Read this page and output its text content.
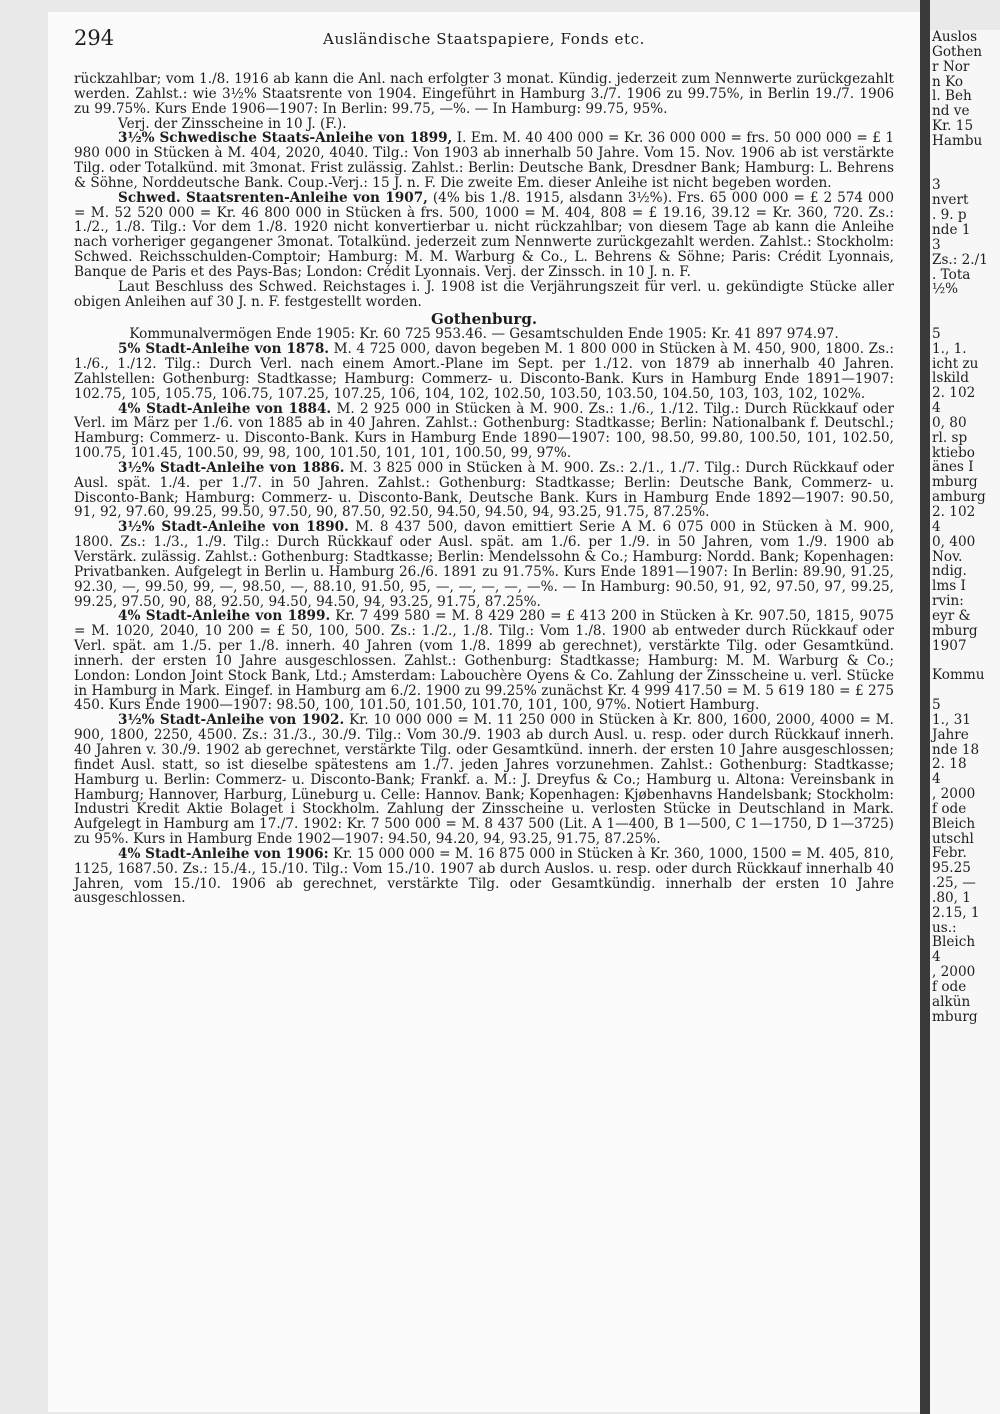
294	Ausländische Staatspapiere, Fonds etc.

rückzahlbar; vom 1./8. 1916 ab kann die Anl. nach erfolgter 3 monat. Kündig. jederzeit zum Nennwerte zurückgezahlt werden. Zahlst.: wie 3½% Staatsrente von 1904. Eingeführt in Hamburg 3./7. 1906 zu 99.75%, in Berlin 19./7. 1906 zu 99.75%. Kurs Ende 1906—1907: In Berlin: 99.75, —%. — In Hamburg: 99.75, 95%.

Verj. der Zinsscheine in 10 J. (F.).

3½% Schwedische Staats-Anleihe von 1899, I. Em. M. 40 400 000 = Kr. 36 000 000 = frs. 50 000 000 = £ 1 980 000 in Stücken à M. 404, 2020, 4040. Tilg.: Von 1903 ab innerhalb 50 Jahre. Vom 15. Nov. 1906 ab ist verstärkte Tilg. oder Totalkünd. mit 3monat. Frist zulässig. Zahlst.: Berlin: Deutsche Bank, Dresdner Bank; Hamburg: L. Behrens & Söhne, Norddeutsche Bank. Coup.-Verj.: 15 J. n. F. Die zweite Em. dieser Anleihe ist nicht begeben worden.

Schwed. Staatsrenten-Anleihe von 1907, (4% bis 1./8. 1915, alsdann 3½%). Frs. 65 000 000 = £ 2 574 000 = M. 52 520 000 = Kr. 46 800 000 in Stücken à frs. 500, 1000 = M. 404, 808 = £ 19.16, 39.12 = Kr. 360, 720. Zs.: 1./2., 1./8. Tilg.: Vor dem 1./8. 1920 nicht konvertierbar u. nicht rückzahlbar; von diesem Tage ab kann die Anleihe nach vorheriger gegangener 3monat. Totalkünd. jederzeit zum Nennwerte zurückgezahlt werden. Zahlst.: Stockholm: Schwed. Reichsschulden-Comptoir; Hamburg: M. M. Warburg & Co., L. Behrens & Söhne; Paris: Crédit Lyonnais, Banque de Paris et des Pays-Bas; London: Crédit Lyonnais. Verj. der Zinssch. in 10 J. n. F.

Laut Beschluss des Schwed. Reichstages i. J. 1908 ist die Verjährungszeit für verl. u. gekündigte Stücke aller obigen Anleihen auf 30 J. n. F. festgestellt worden.

Gothenburg.

Kommunalvermögen Ende 1905: Kr. 60 725 953.46. — Gesamtschulden Ende 1905: Kr. 41 897 974.97.

5% Stadt-Anleihe von 1878. M. 4 725 000, davon begeben M. 1 800 000 in Stücken à M. 450, 900, 1800. Zs.: 1./6., 1./12. Tilg.: Durch Verl. nach einem Amort.-Plane im Sept. per 1./12. von 1879 ab innerhalb 40 Jahren. Zahlstellen: Gothenburg: Stadtkasse; Hamburg: Commerz- u. Disconto-Bank. Kurs in Hamburg Ende 1891—1907: 102.75, 105, 105.75, 106.75, 107.25, 107.25, 106, 104, 102, 102.50, 103.50, 103.50, 104.50, 103, 103, 102, 102%.

4% Stadt-Anleihe von 1884. M. 2 925 000 in Stücken à M. 900. Zs.: 1./6., 1./12. Tilg.: Durch Rückkauf oder Verl. im März per 1./6. von 1885 ab in 40 Jahren. Zahlst.: Gothenburg: Stadtkasse; Berlin: Nationalbank f. Deutschl.; Hamburg: Commerz- u. Disconto-Bank. Kurs in Hamburg Ende 1890—1907: 100, 98.50, 99.80, 100.50, 101, 102.50, 100.75, 101.45, 100.50, 99, 98, 100, 101.50, 101, 101, 100.50, 99, 97%.

3½% Stadt-Anleihe von 1886. M. 3 825 000 in Stücken à M. 900. Zs.: 2./1., 1./7. Tilg.: Durch Rückkauf oder Ausl. spät. 1./4. per 1./7. in 50 Jahren. Zahlst.: Gothenburg: Stadtkasse; Berlin: Deutsche Bank, Commerz- u. Disconto-Bank; Hamburg: Commerz- u. Disconto-Bank, Deutsche Bank. Kurs in Hamburg Ende 1892—1907: 90.50, 91, 92, 97.60, 99.25, 99.50, 97.50, 90, 87.50, 92.50, 94.50, 94.50, 94, 93.25, 91.75, 87.25%.

3½% Stadt-Anleihe von 1890. M. 8 437 500, davon emittiert Serie A M. 6 075 000 in Stücken à M. 900, 1800. Zs.: 1./3., 1./9. Tilg.: Durch Rückkauf oder Ausl. spät. am 1./6. per 1./9. in 50 Jahren, vom 1./9. 1900 ab Verstärk. zulässig. Zahlst.: Gothenburg: Stadtkasse; Berlin: Mendelssohn & Co.; Hamburg: Nordd. Bank; Kopenhagen: Privatbanken. Aufgelegt in Berlin u. Hamburg 26./6. 1891 zu 91.75%. Kurs Ende 1891—1907: In Berlin: 89.90, 91.25, 92.30, —, 99.50, 99, —, 98.50, —, 88.10, 91.50, 95, —, —, —, —, —%. — In Hamburg: 90.50, 91, 92, 97.50, 97, 99.25, 99.25, 97.50, 90, 88, 92.50, 94.50, 94.50, 94, 93.25, 91.75, 87.25%.

4% Stadt-Anleihe von 1899. Kr. 7 499 580 = M. 8 429 280 = £ 413 200 in Stücken à Kr. 907.50, 1815, 9075 = M. 1020, 2040, 10 200 = £ 50, 100, 500. Zs.: 1./2., 1./8. Tilg.: Vom 1./8. 1900 ab entweder durch Rückkauf oder Verl. spät. am 1./5. per 1./8. innerh. 40 Jahren (vom 1./8. 1899 ab gerechnet), verstärkte Tilg. oder Gesamtkünd. innerh. der ersten 10 Jahre ausgeschlossen. Zahlst.: Gothenburg: Stadtkasse; Hamburg: M. M. Warburg & Co.; London: London Joint Stock Bank, Ltd.; Amsterdam: Labouchère Oyens & Co. Zahlung der Zinsscheine u. verl. Stücke in Hamburg in Mark. Eingef. in Hamburg am 6./2. 1900 zu 99.25% zunächst Kr. 4 999 417.50 = M. 5 619 180 = £ 275 450. Kurs Ende 1900—1907: 98.50, 100, 101.50, 101.50, 101.70, 101, 100, 97%. Notiert Hamburg.

3½% Stadt-Anleihe von 1902. Kr. 10 000 000 = M. 11 250 000 in Stücken à Kr. 800, 1600, 2000, 4000 = M. 900, 1800, 2250, 4500. Zs.: 31./3., 30./9. Tilg.: Vom 30./9. 1903 ab durch Ausl. u. resp. oder durch Rückkauf innerh. 40 Jahren v. 30./9. 1902 ab gerechnet, verstärkte Tilg. oder Gesamtkünd. innerh. der ersten 10 Jahre ausgeschlossen; findet Ausl. statt, so ist dieselbe spätestens am 1./7. jeden Jahres vorzunehmen. Zahlst.: Gothenburg: Stadtkasse; Hamburg u. Berlin: Commerz- u. Disconto-Bank; Frankf. a. M.: J. Dreyfus & Co.; Hamburg u. Altona: Vereinsbank in Hamburg; Hannover, Harburg, Lüneburg u. Celle: Hannov. Bank; Kopenhagen: Kjøbenhavns Handelsbank; Stockholm: Industri Kredit Aktie Bolaget i Stockholm. Zahlung der Zinsscheine u. verlosten Stücke in Deutschland in Mark. Aufgelegt in Hamburg am 17./7. 1902: Kr. 7 500 000 = M. 8 437 500 (Lit. A 1—400, B 1—500, C 1—1750, D 1—3725) zu 95%. Kurs in Hamburg Ende 1902—1907: 94.50, 94.20, 94, 93.25, 91.75, 87.25%.

4% Stadt-Anleihe von 1906: Kr. 15 000 000 = M. 16 875 000 in Stücken à Kr. 360, 1000, 1500 = M. 405, 810, 1125, 1687.50. Zs.: 15./4., 15./10. Tilg.: Vom 15./10. 1907 ab durch Auslos. u. resp. oder durch Rückkauf innerhalb 40 Jahren, vom 15./10. 1906 ab gerechnet, verstärkte Tilg. oder Gesamtkündig. innerhalb der ersten 10 Jahre ausgeschlossen.

Auslos
Gothen
r Nor
n Ko
l. Beh
nd ve
Kr. 15
Hambu

3
nvert
. 9. p
nde 1
3
Zs.: 2./1
. Tota
½%

5
1., 1.
icht zu
lskild
2. 102
4
0, 80
rl. sp
ktiebo
änes I
mburg
amburg
2. 102
4
0, 400
Nov.
ndig.
lms I
rvin:
eyr &
mburg
1907

Kommu

5
1., 31
Jahre
nde 18
2. 18
4
, 2000
f ode
Bleich
utschl
Febr.
95.25
.25, —
.80, 1
2.15, 1
us.:
Bleich
4
, 2000
f ode
alkün
mburg
